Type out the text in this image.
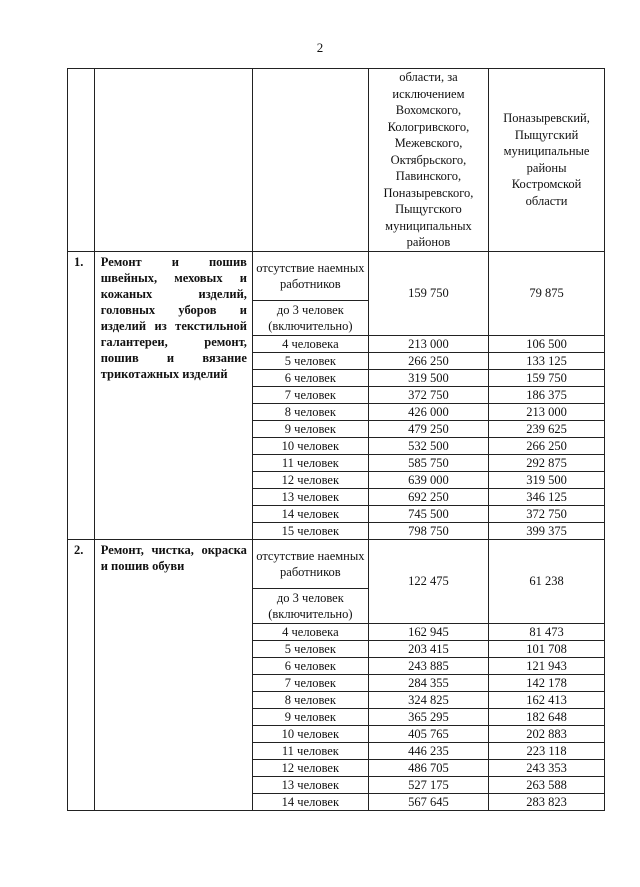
2
			области, за исключением Вохомского, Кологривского, Межевского, Октябрьского, Павинского, Поназыревского, Пыщугского муниципальных районов	Поназыревский, Пыщугский муниципальные районы Костромской области
1.	Ремонт и пошив швейных, меховых и кожаных изделий, головных уборов и изделий из текстильной галантереи, ремонт, пошив и вязание трикотажных изделий	отсутствие наемных работников	159 750	79 875
		до 3 человек (включительно)		
		4 человека	213 000	106 500
		5 человек	266 250	133 125
		6 человек	319 500	159 750
		7 человек	372 750	186 375
		8 человек	426 000	213 000
		9 человек	479 250	239 625
		10 человек	532 500	266 250
		11 человек	585 750	292 875
		12 человек	639 000	319 500
		13 человек	692 250	346 125
		14 человек	745 500	372 750
		15 человек	798 750	399 375
2.	Ремонт, чистка, окраска и пошив обуви	отсутствие наемных работников	122 475	61 238
		до 3 человек (включительно)		
		4 человека	162 945	81 473
		5 человек	203 415	101 708
		6 человек	243 885	121 943
		7 человек	284 355	142 178
		8 человек	324 825	162 413
		9 человек	365 295	182 648
		10 человек	405 765	202 883
		11 человек	446 235	223 118
		12 человек	486 705	243 353
		13 человек	527 175	263 588
		14 человек	567 645	283 823
